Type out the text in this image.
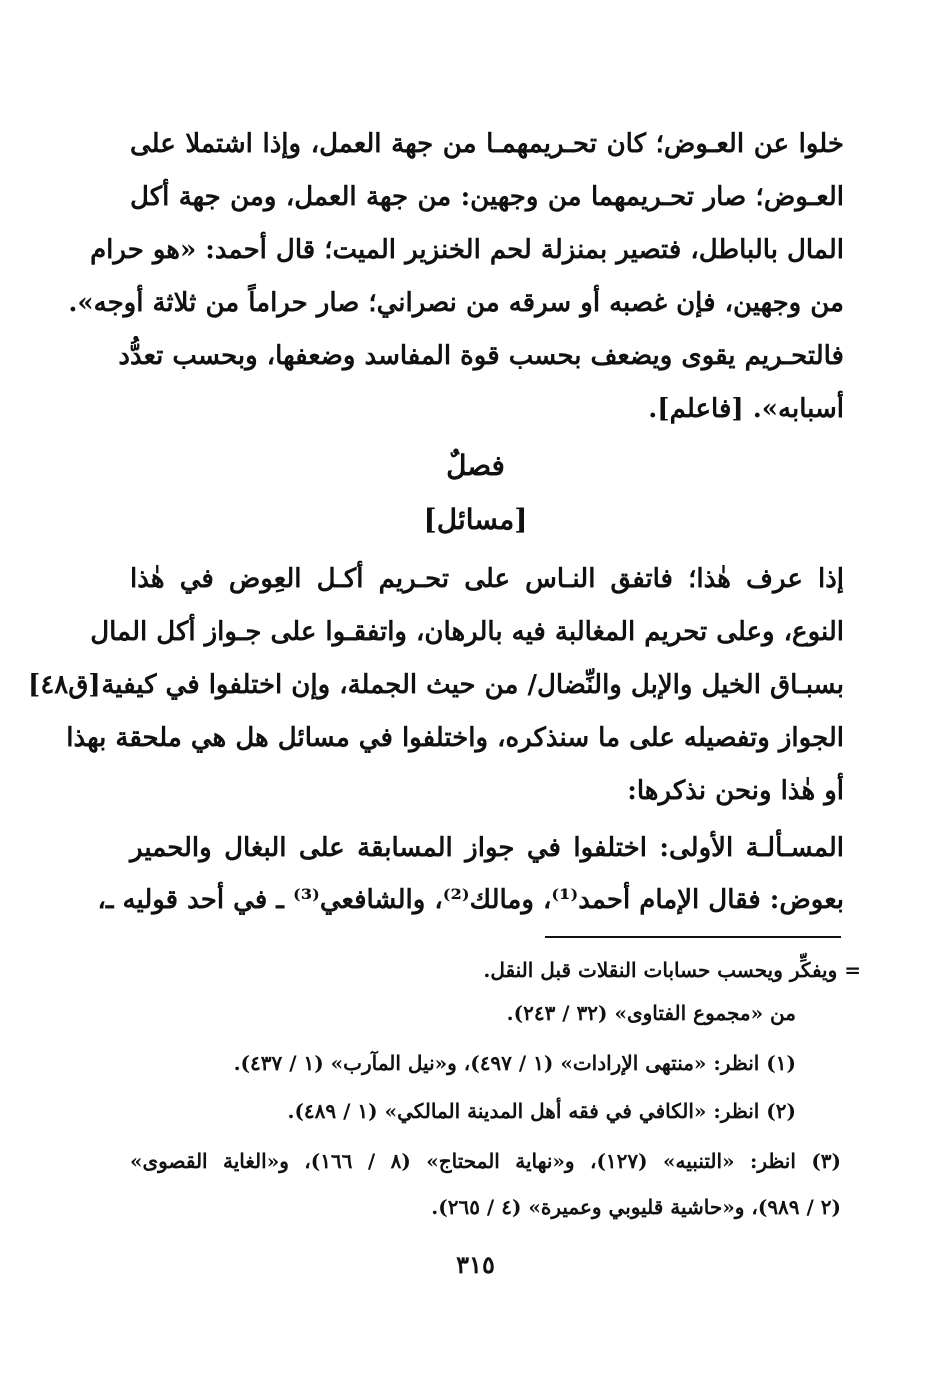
خلوا عن العـوض؛ كان تحـريمهمـا من جهة العمل، وإذا اشتملا على
العـوض؛ صار تحـريمهما من وجهين: من جهة العمل، ومن جهة أكل
المال بالباطل، فتصير بمنزلة لحم الخنزير الميت؛ قال أحمد: «هو حرام
من وجهين، فإن غصبه أو سرقه من نصراني؛ صار حراماً من ثلاثة أوجه».
فالتحـريم يقوى ويضعف بحسب قوة المفاسد وضعفها، وبحسب تعدُّد
أسبابه». [فاعلم].
فصلٌ
[مسائل]
إذا عرف هٰذا؛ فاتفق النـاس على تحـريم أكـل العِوض في هٰذا
النوع، وعلى تحريم المغالبة فيه بالرهان، واتفقـوا على جـواز أكل المال
بسبـاق الخيل والإبل والنِّضال/ من حيث الجملة، وإن اختلفوا في كيفية
الجواز وتفصيله على ما سنذكره، واختلفوا في مسائل هل هي ملحقة بهذا
أو هٰذا ونحن نذكرها:
[ق٤٨]
المسـألـة الأولى: اختلفوا في جواز المسابقة على البغال والحمير
بعوض: فقال الإمام أحمد⁽¹⁾، ومالك⁽²⁾، والشافعي⁽³⁾ ـ في أحد قوليه ـ،
= ويفكِّر ويحسب حسابات النقلات قبل النقل.
من «مجموع الفتاوى» (٣٢ / ٢٤٣).
(١) انظر: «منتهى الإرادات» (١ / ٤٩٧)، و«نيل المآرب» (١ / ٤٣٧).
(٢) انظر: «الكافي في فقه أهل المدينة المالكي» (١ / ٤٨٩).
(٣) انظر: «التنبيه» (١٢٧)، و«نهاية المحتاج» (٨ / ١٦٦)، و«الغاية القصوى»
(٢ / ٩٨٩)، و«حاشية قليوبي وعميرة» (٤ / ٢٦٥).
٣١٥
